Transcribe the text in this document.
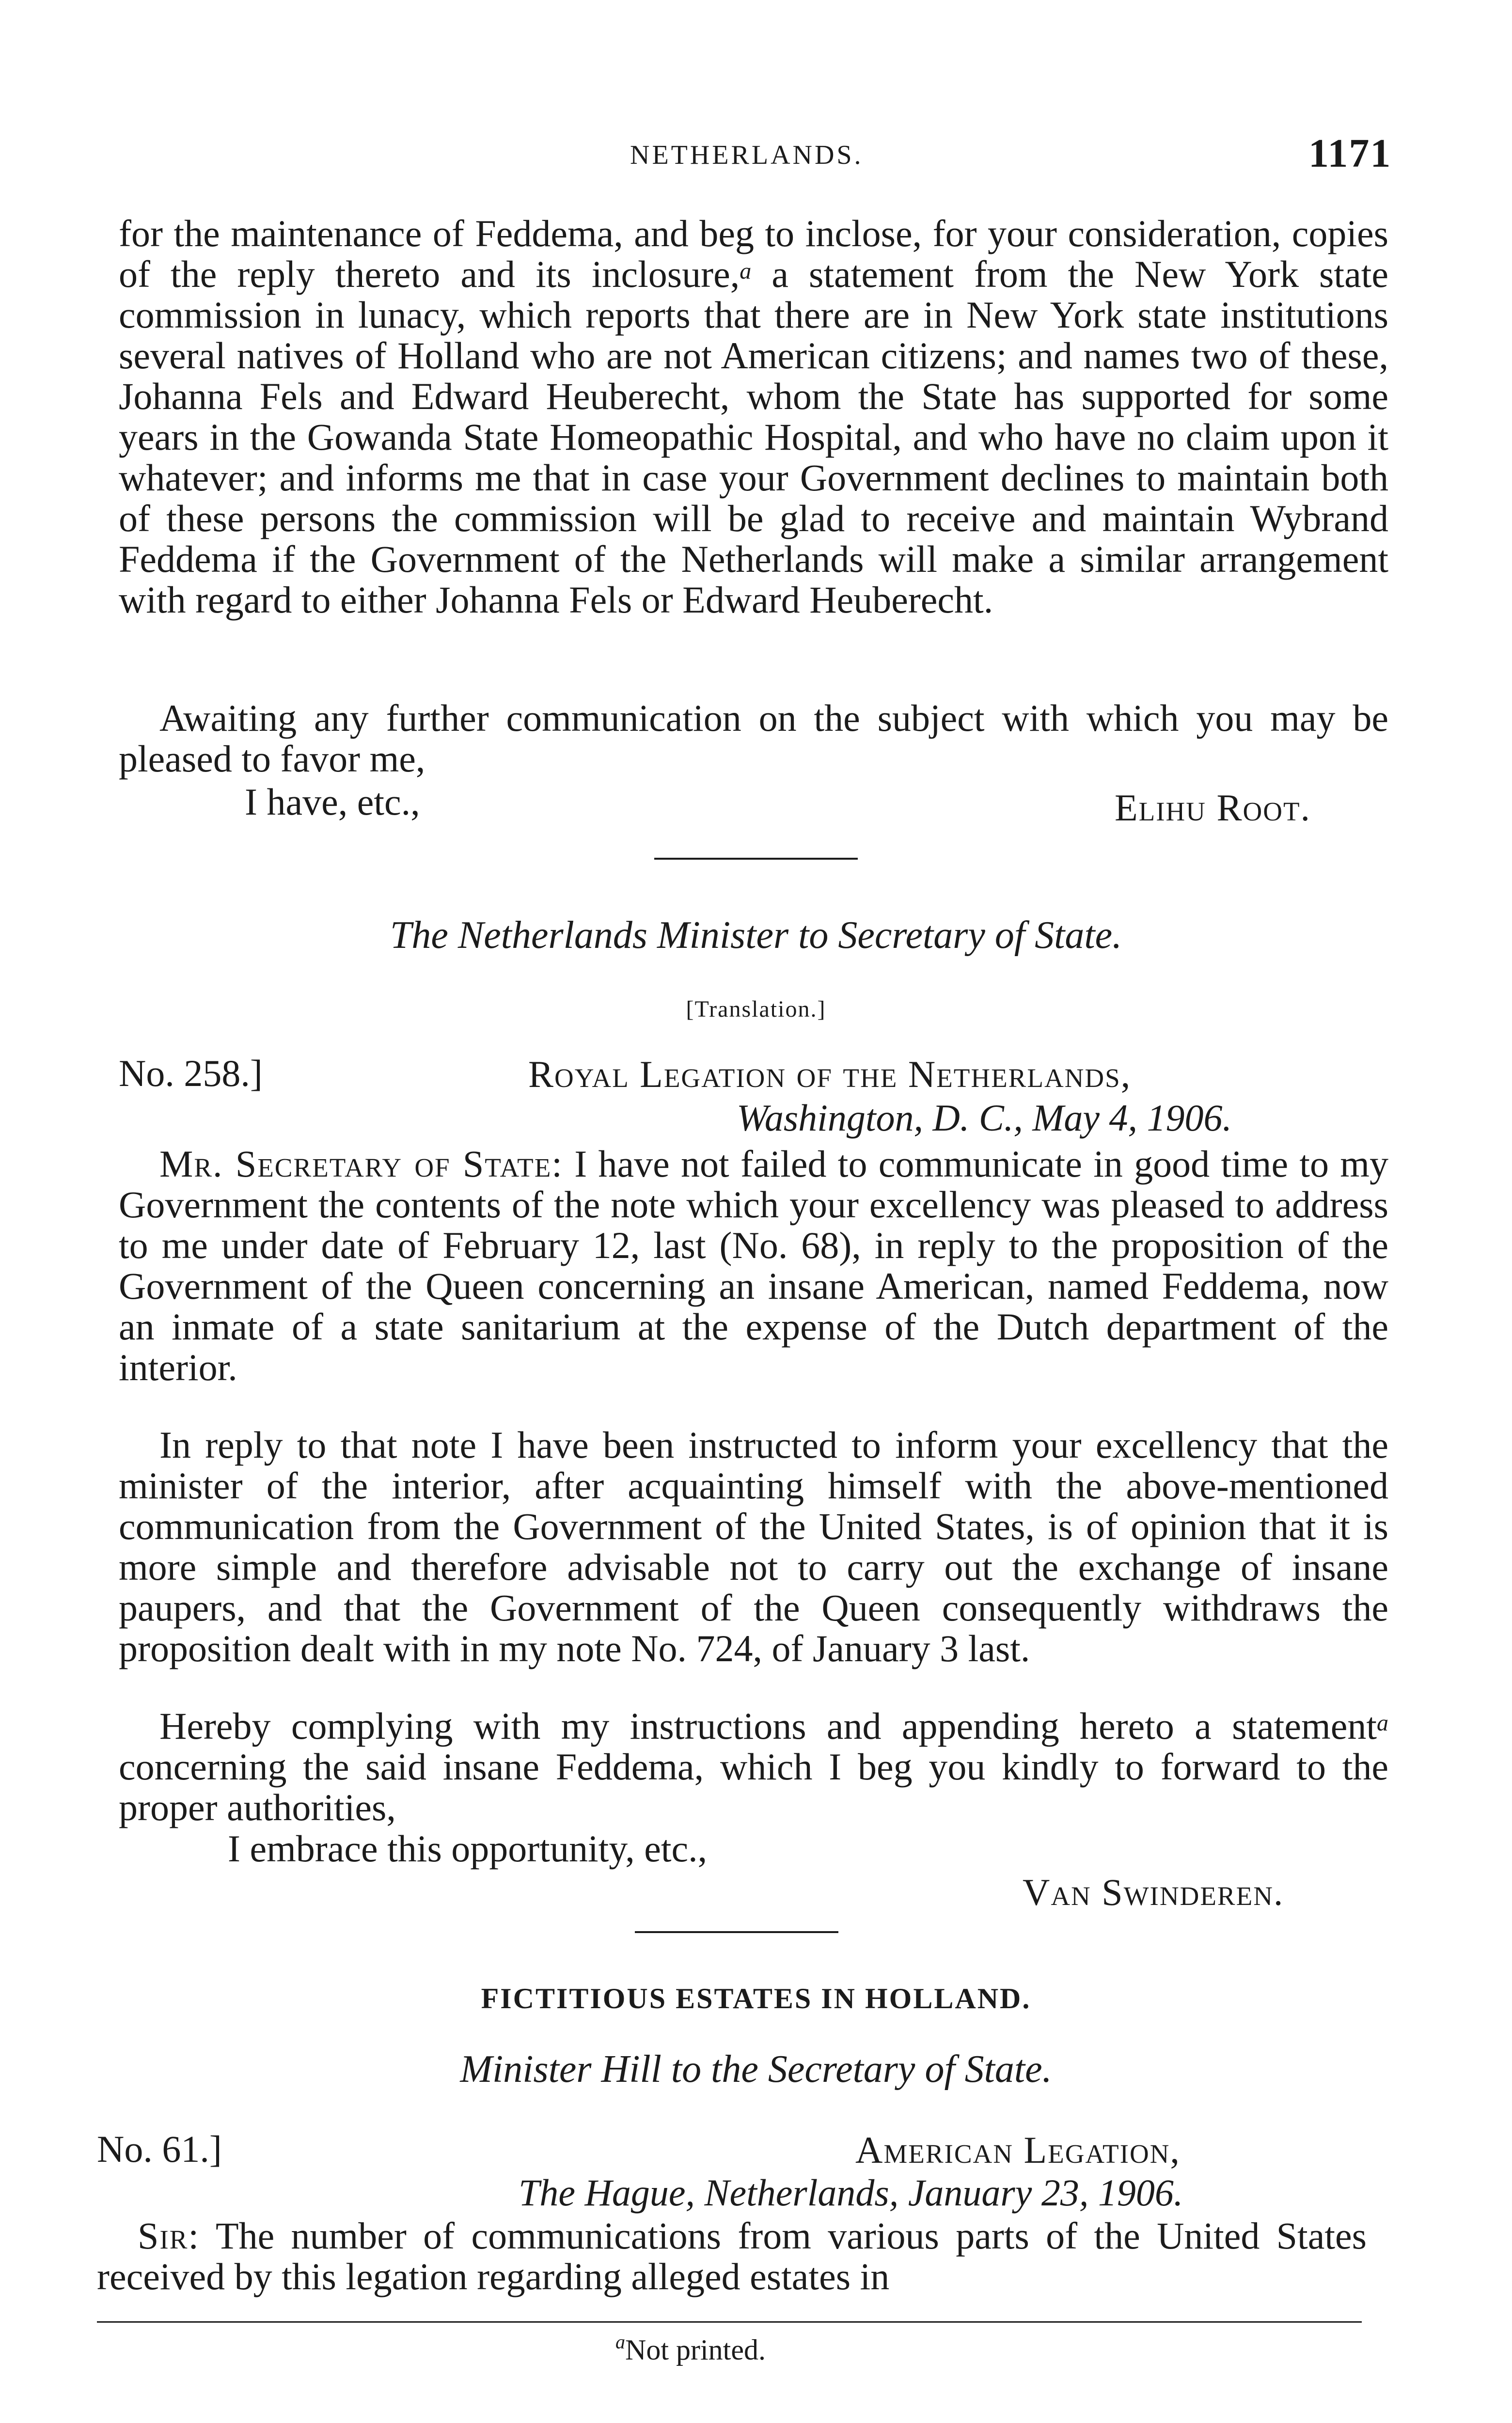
NETHERLANDS.	1171
for the maintenance of Feddema, and beg to inclose, for your consideration, copies of the reply thereto and its inclosure,$^a$ a statement from the New York state commission in lunacy, which reports that there are in New York state institutions several natives of Holland who are not American citizens; and names two of these, Johanna Fels and Edward Heuberecht, whom the State has supported for some years in the Gowanda State Homeopathic Hospital, and who have no claim upon it whatever; and informs me that in case your Government declines to maintain both of these persons the commission will be glad to receive and maintain Wybrand Feddema if the Government of the Netherlands will make a similar arrangement with regard to either Johanna Fels or Edward Heuberecht.
Awaiting any further communication on the subject with which you may be pleased to favor me,
I have, etc.,	Elihu Root.
The Netherlands Minister to Secretary of State.
[Translation.]
No. 258.]	Royal Legation of the Netherlands,
Washington, D. C., May 4, 1906.
Mr. Secretary of State: I have not failed to communicate in good time to my Government the contents of the note which your excellency was pleased to address to me under date of February 12, last (No. 68), in reply to the proposition of the Government of the Queen concerning an insane American, named Feddema, now an inmate of a state sanitarium at the expense of the Dutch department of the interior.
In reply to that note I have been instructed to inform your excellency that the minister of the interior, after acquainting himself with the above-mentioned communication from the Government of the United States, is of opinion that it is more simple and therefore advisable not to carry out the exchange of insane paupers, and that the Government of the Queen consequently withdraws the proposition dealt with in my note No. 724, of January 3 last.
Hereby complying with my instructions and appending hereto a statement$^a$ concerning the said insane Feddema, which I beg you kindly to forward to the proper authorities,
I embrace this opportunity, etc.,
Van Swinderen.
FICTITIOUS ESTATES IN HOLLAND.
Minister Hill to the Secretary of State.
No. 61.]	American Legation,
The Hague, Netherlands, January 23, 1906.
Sir: The number of communications from various parts of the United States received by this legation regarding alleged estates in
$^a$Not printed.
